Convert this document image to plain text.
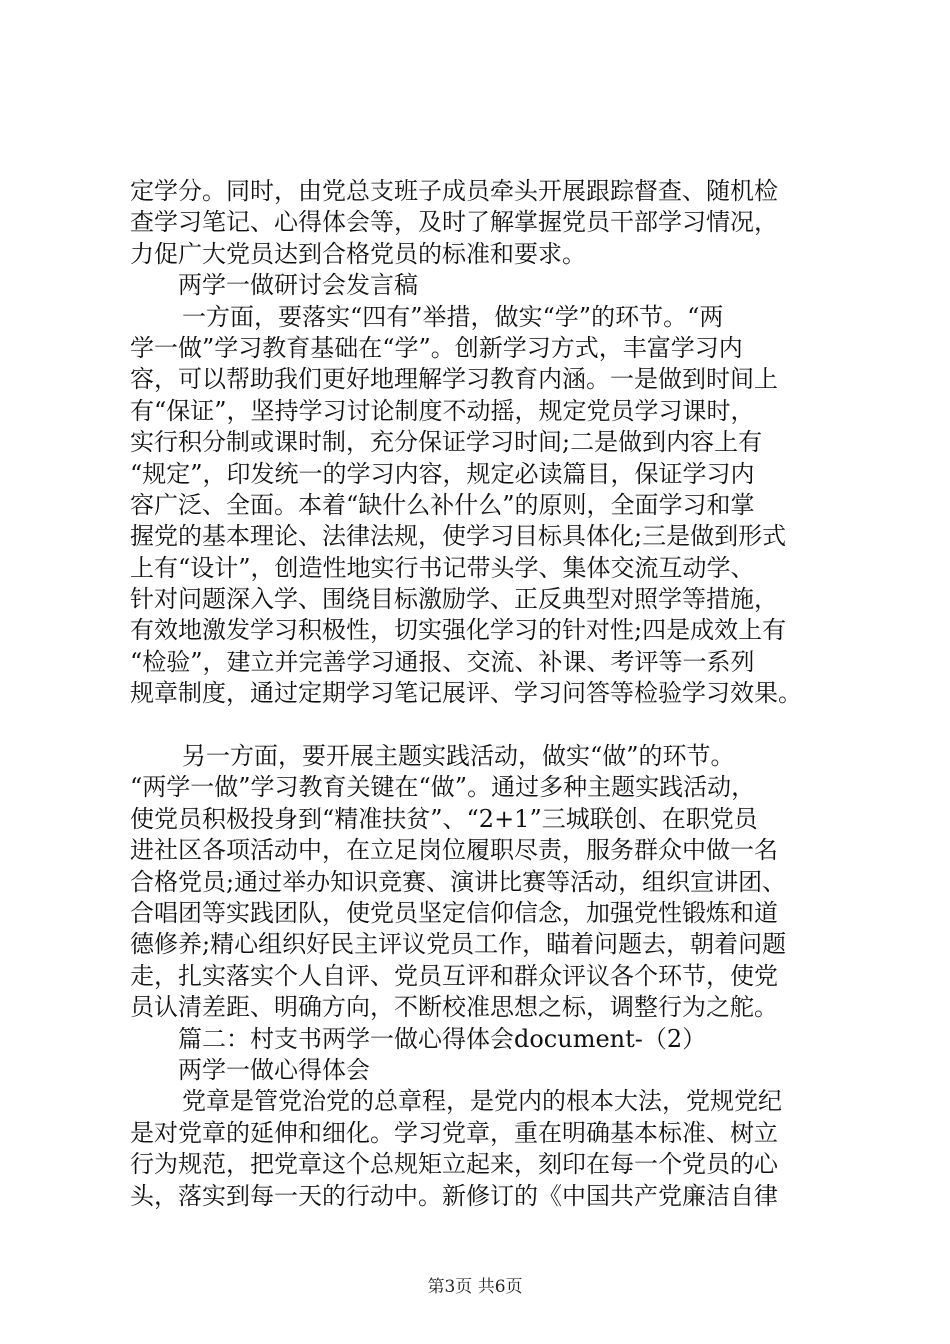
定学分。同时，由党总支班子成员牵头开展跟踪督查、随机检
查学习笔记、心得体会等，及时了解掌握党员干部学习情况，
力促广大党员达到合格党员的标准和要求。
两学一做研讨会发言稿
一方面，要落实“四有”举措，做实“学”的环节。“两
学一做”学习教育基础在“学”。创新学习方式，丰富学习内
容，可以帮助我们更好地理解学习教育内涵。一是做到时间上
有“保证”，坚持学习讨论制度不动摇，规定党员学习课时，
实行积分制或课时制，充分保证学习时间;二是做到内容上有
“规定”，印发统一的学习内容，规定必读篇目，保证学习内
容广泛、全面。本着“缺什么补什么”的原则，全面学习和掌
握党的基本理论、法律法规，使学习目标具体化;三是做到形式
上有“设计”，创造性地实行书记带头学、集体交流互动学、
针对问题深入学、围绕目标激励学、正反典型对照学等措施，
有效地激发学习积极性，切实强化学习的针对性;四是成效上有
“检验”，建立并完善学习通报、交流、补课、考评等一系列
规章制度，通过定期学习笔记展评、学习问答等检验学习效果。
另一方面，要开展主题实践活动，做实“做”的环节。
“两学一做”学习教育关键在“做”。通过多种主题实践活动，
使党员积极投身到“精准扶贫”、“2+1”三城联创、在职党员
进社区各项活动中，在立足岗位履职尽责，服务群众中做一名
合格党员;通过举办知识竞赛、演讲比赛等活动，组织宣讲团、
合唱团等实践团队，使党员坚定信仰信念，加强党性锻炼和道
德修养;精心组织好民主评议党员工作，瞄着问题去，朝着问题
走，扎实落实个人自评、党员互评和群众评议各个环节，使党
员认清差距、明确方向，不断校准思想之标，调整行为之舵。
篇二：村支书两学一做心得体会document-（2）
两学一做心得体会
党章是管党治党的总章程，是党内的根本大法，党规党纪
是对党章的延伸和细化。学习党章，重在明确基本标准、树立
行为规范，把党章这个总规矩立起来，刻印在每一个党员的心
头，落实到每一天的行动中。新修订的《中国共产党廉洁自律
第3页 共6页
